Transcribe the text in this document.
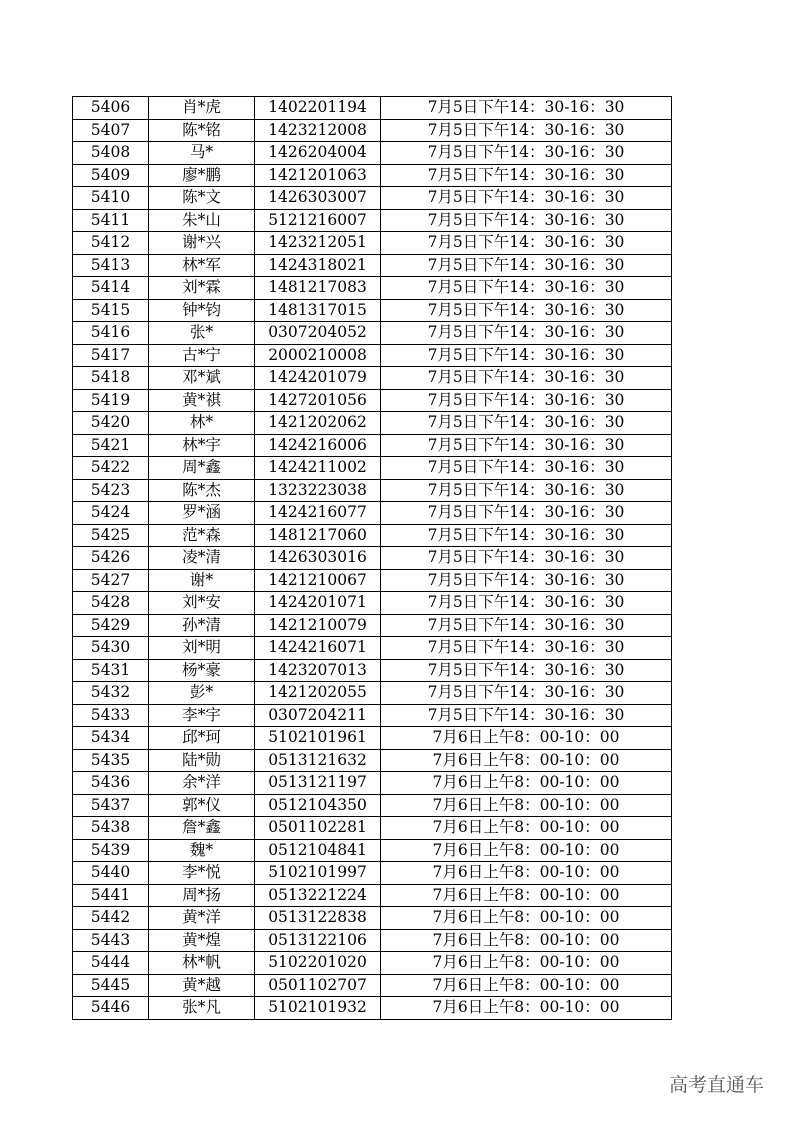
5406	肖*虎	1402201194	7月5日下午14：30-16：30
5407	陈*铭	1423212008	7月5日下午14：30-16：30
5408	马*	1426204004	7月5日下午14：30-16：30
5409	廖*鹏	1421201063	7月5日下午14：30-16：30
5410	陈*文	1426303007	7月5日下午14：30-16：30
5411	朱*山	5121216007	7月5日下午14：30-16：30
5412	谢*兴	1423212051	7月5日下午14：30-16：30
5413	林*军	1424318021	7月5日下午14：30-16：30
5414	刘*霖	1481217083	7月5日下午14：30-16：30
5415	钟*钧	1481317015	7月5日下午14：30-16：30
5416	张*	0307204052	7月5日下午14：30-16：30
5417	古*宁	2000210008	7月5日下午14：30-16：30
5418	邓*斌	1424201079	7月5日下午14：30-16：30
5419	黄*祺	1427201056	7月5日下午14：30-16：30
5420	林*	1421202062	7月5日下午14：30-16：30
5421	林*宇	1424216006	7月5日下午14：30-16：30
5422	周*鑫	1424211002	7月5日下午14：30-16：30
5423	陈*杰	1323223038	7月5日下午14：30-16：30
5424	罗*涵	1424216077	7月5日下午14：30-16：30
5425	范*森	1481217060	7月5日下午14：30-16：30
5426	凌*清	1426303016	7月5日下午14：30-16：30
5427	谢*	1421210067	7月5日下午14：30-16：30
5428	刘*安	1424201071	7月5日下午14：30-16：30
5429	孙*清	1421210079	7月5日下午14：30-16：30
5430	刘*明	1424216071	7月5日下午14：30-16：30
5431	杨*豪	1423207013	7月5日下午14：30-16：30
5432	彭*	1421202055	7月5日下午14：30-16：30
5433	李*宇	0307204211	7月5日下午14：30-16：30
5434	邱*珂	5102101961	7月6日上午8：00-10：00
5435	陆*勋	0513121632	7月6日上午8：00-10：00
5436	余*洋	0513121197	7月6日上午8：00-10：00
5437	郭*仪	0512104350	7月6日上午8：00-10：00
5438	詹*鑫	0501102281	7月6日上午8：00-10：00
5439	魏*	0512104841	7月6日上午8：00-10：00
5440	李*悦	5102101997	7月6日上午8：00-10：00
5441	周*扬	0513221224	7月6日上午8：00-10：00
5442	黄*洋	0513122838	7月6日上午8：00-10：00
5443	黄*煌	0513122106	7月6日上午8：00-10：00
5444	林*帆	5102201020	7月6日上午8：00-10：00
5445	黄*越	0501102707	7月6日上午8：00-10：00
5446	张*凡	5102101932	7月6日上午8：00-10：00
高考直通车
